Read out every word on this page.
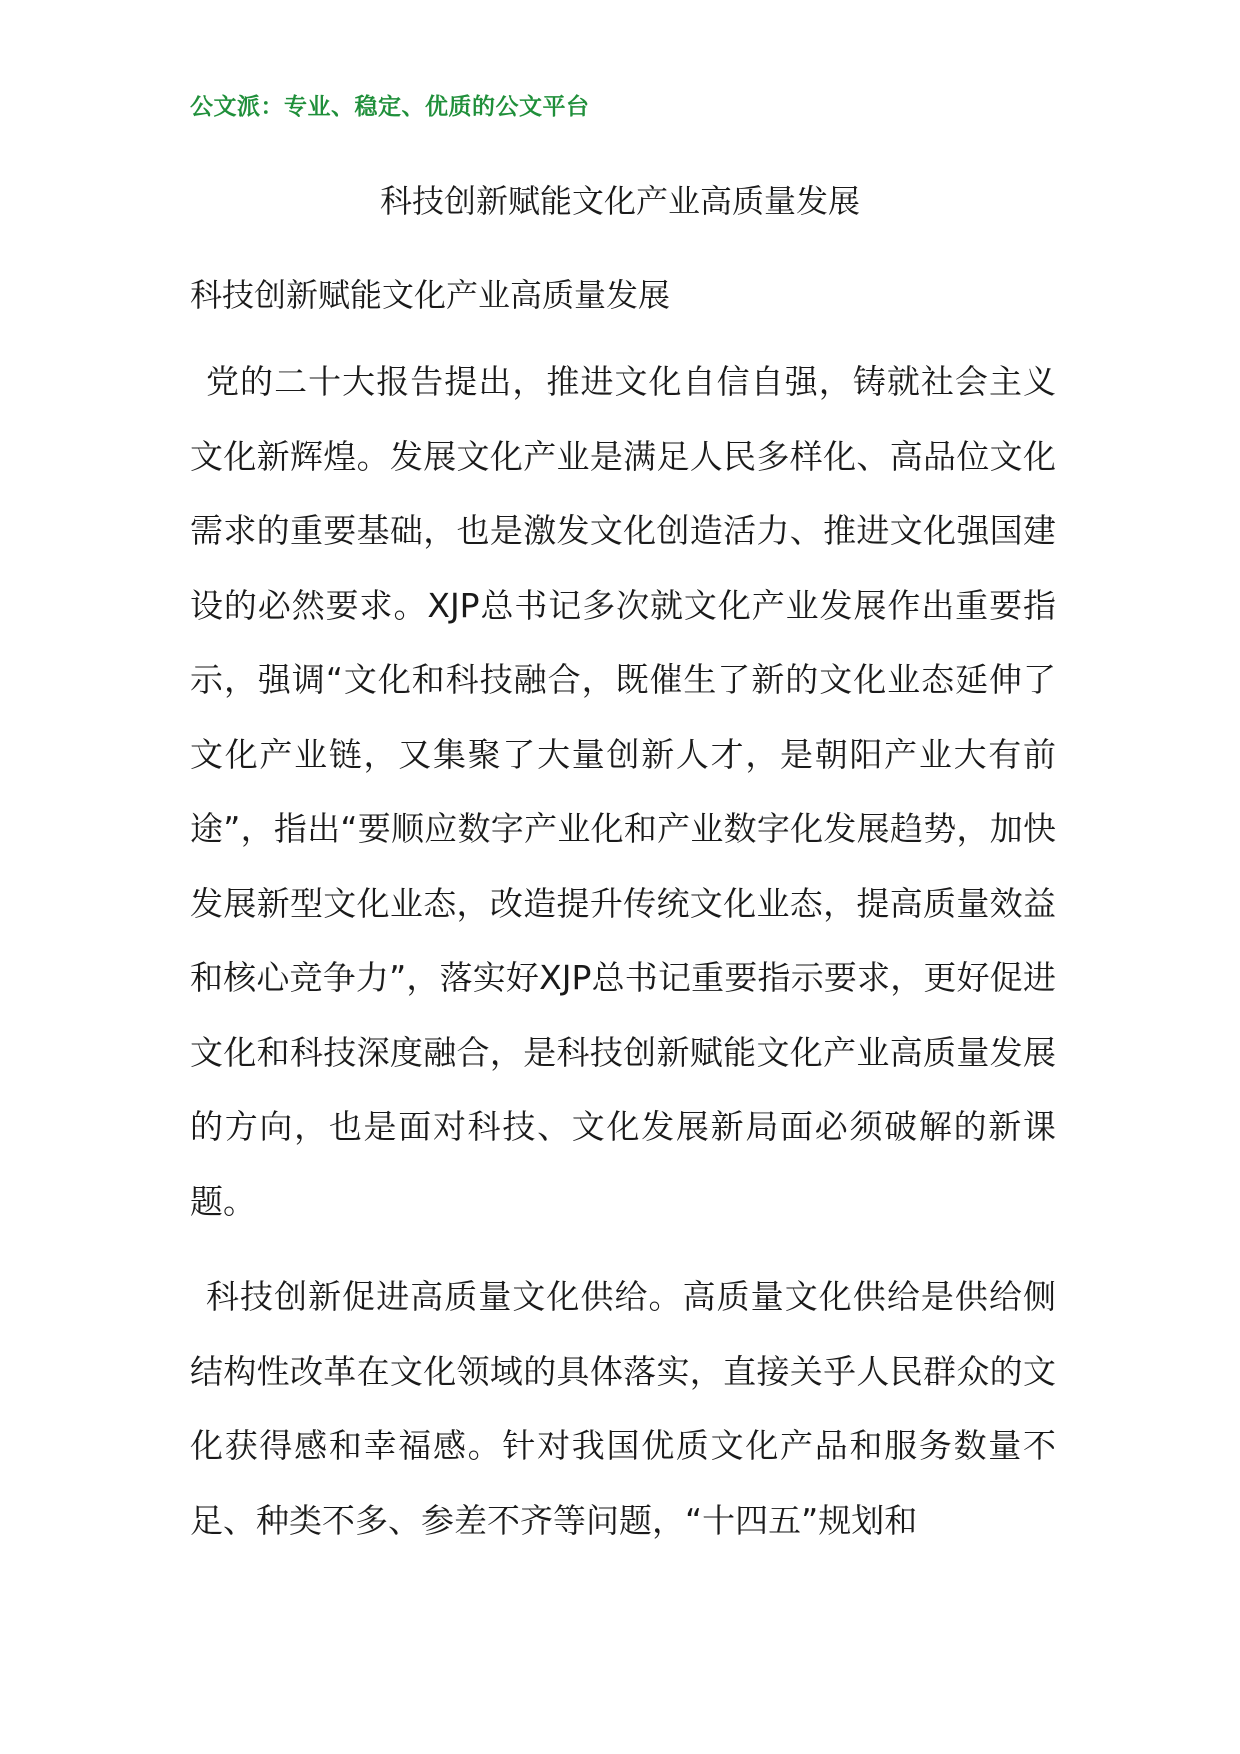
公文派：专业、稳定、优质的公文平台
科技创新赋能文化产业高质量发展
科技创新赋能文化产业高质量发展

党的二十大报告提出，推进文化自信自强，铸就社会主义文化新辉煌。发展文化产业是满足人民多样化、高品位文化需求的重要基础，也是激发文化创造活力、推进文化强国建设的必然要求。XJP总书记多次就文化产业发展作出重要指示，强调“文化和科技融合，既催生了新的文化业态延伸了文化产业链，又集聚了大量创新人才，是朝阳产业大有前途”，指出“要顺应数字产业化和产业数字化发展趋势，加快发展新型文化业态，改造提升传统文化业态，提高质量效益和核心竞争力”，落实好XJP总书记重要指示要求，更好促进文化和科技深度融合，是科技创新赋能文化产业高质量发展的方向，也是面对科技、文化发展新局面必须破解的新课题。

科技创新促进高质量文化供给。高质量文化供给是供给侧结构性改革在文化领域的具体落实，直接关乎人民群众的文化获得感和幸福感。针对我国优质文化产品和服务数量不足、种类不多、参差不齐等问题，“十四五”规划和
